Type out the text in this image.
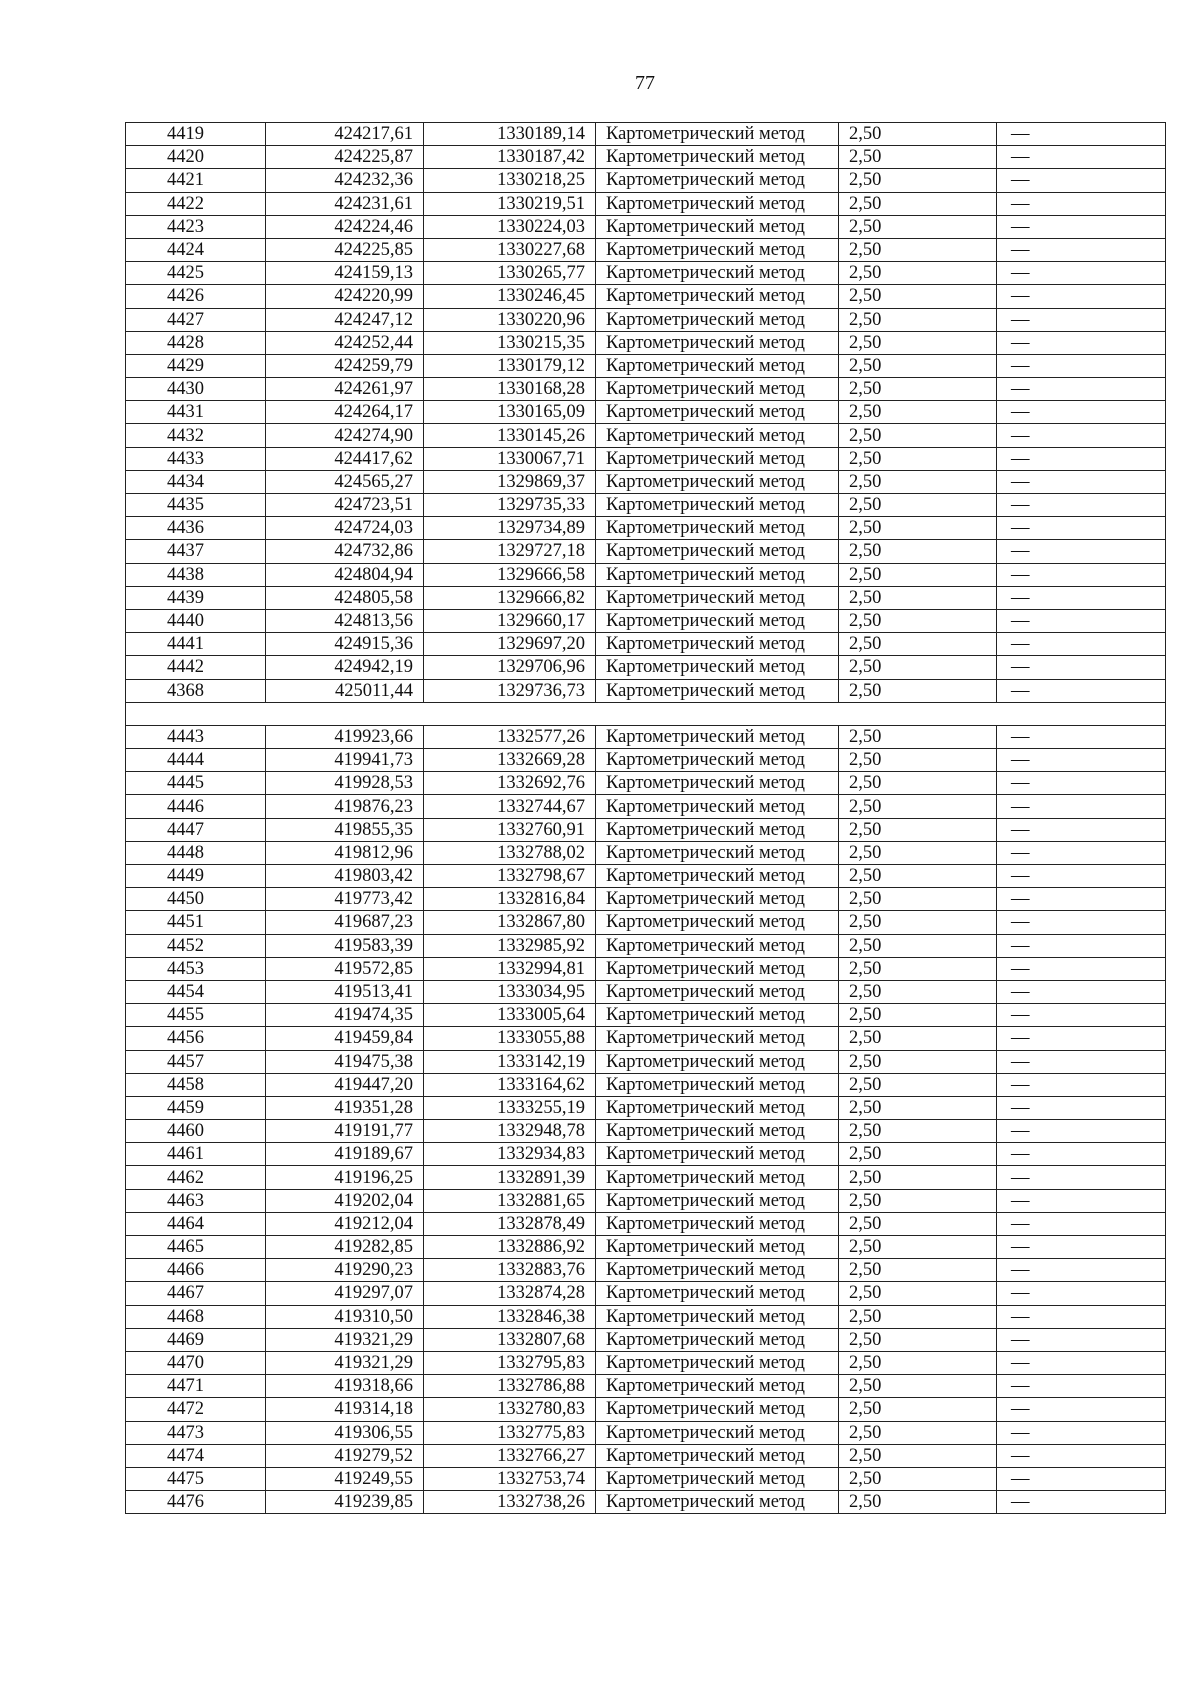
77
4419	424217,61	1330189,14	Картометрический метод	2,50	—
4420	424225,87	1330187,42	Картометрический метод	2,50	—
4421	424232,36	1330218,25	Картометрический метод	2,50	—
4422	424231,61	1330219,51	Картометрический метод	2,50	—
4423	424224,46	1330224,03	Картометрический метод	2,50	—
4424	424225,85	1330227,68	Картометрический метод	2,50	—
4425	424159,13	1330265,77	Картометрический метод	2,50	—
4426	424220,99	1330246,45	Картометрический метод	2,50	—
4427	424247,12	1330220,96	Картометрический метод	2,50	—
4428	424252,44	1330215,35	Картометрический метод	2,50	—
4429	424259,79	1330179,12	Картометрический метод	2,50	—
4430	424261,97	1330168,28	Картометрический метод	2,50	—
4431	424264,17	1330165,09	Картометрический метод	2,50	—
4432	424274,90	1330145,26	Картометрический метод	2,50	—
4433	424417,62	1330067,71	Картометрический метод	2,50	—
4434	424565,27	1329869,37	Картометрический метод	2,50	—
4435	424723,51	1329735,33	Картометрический метод	2,50	—
4436	424724,03	1329734,89	Картометрический метод	2,50	—
4437	424732,86	1329727,18	Картометрический метод	2,50	—
4438	424804,94	1329666,58	Картометрический метод	2,50	—
4439	424805,58	1329666,82	Картометрический метод	2,50	—
4440	424813,56	1329660,17	Картометрический метод	2,50	—
4441	424915,36	1329697,20	Картометрический метод	2,50	—
4442	424942,19	1329706,96	Картометрический метод	2,50	—
4368	425011,44	1329736,73	Картометрический метод	2,50	—

4443	419923,66	1332577,26	Картометрический метод	2,50	—
4444	419941,73	1332669,28	Картометрический метод	2,50	—
4445	419928,53	1332692,76	Картометрический метод	2,50	—
4446	419876,23	1332744,67	Картометрический метод	2,50	—
4447	419855,35	1332760,91	Картометрический метод	2,50	—
4448	419812,96	1332788,02	Картометрический метод	2,50	—
4449	419803,42	1332798,67	Картометрический метод	2,50	—
4450	419773,42	1332816,84	Картометрический метод	2,50	—
4451	419687,23	1332867,80	Картометрический метод	2,50	—
4452	419583,39	1332985,92	Картометрический метод	2,50	—
4453	419572,85	1332994,81	Картометрический метод	2,50	—
4454	419513,41	1333034,95	Картометрический метод	2,50	—
4455	419474,35	1333005,64	Картометрический метод	2,50	—
4456	419459,84	1333055,88	Картометрический метод	2,50	—
4457	419475,38	1333142,19	Картометрический метод	2,50	—
4458	419447,20	1333164,62	Картометрический метод	2,50	—
4459	419351,28	1333255,19	Картометрический метод	2,50	—
4460	419191,77	1332948,78	Картометрический метод	2,50	—
4461	419189,67	1332934,83	Картометрический метод	2,50	—
4462	419196,25	1332891,39	Картометрический метод	2,50	—
4463	419202,04	1332881,65	Картометрический метод	2,50	—
4464	419212,04	1332878,49	Картометрический метод	2,50	—
4465	419282,85	1332886,92	Картометрический метод	2,50	—
4466	419290,23	1332883,76	Картометрический метод	2,50	—
4467	419297,07	1332874,28	Картометрический метод	2,50	—
4468	419310,50	1332846,38	Картометрический метод	2,50	—
4469	419321,29	1332807,68	Картометрический метод	2,50	—
4470	419321,29	1332795,83	Картометрический метод	2,50	—
4471	419318,66	1332786,88	Картометрический метод	2,50	—
4472	419314,18	1332780,83	Картометрический метод	2,50	—
4473	419306,55	1332775,83	Картометрический метод	2,50	—
4474	419279,52	1332766,27	Картометрический метод	2,50	—
4475	419249,55	1332753,74	Картометрический метод	2,50	—
4476	419239,85	1332738,26	Картометрический метод	2,50	—
